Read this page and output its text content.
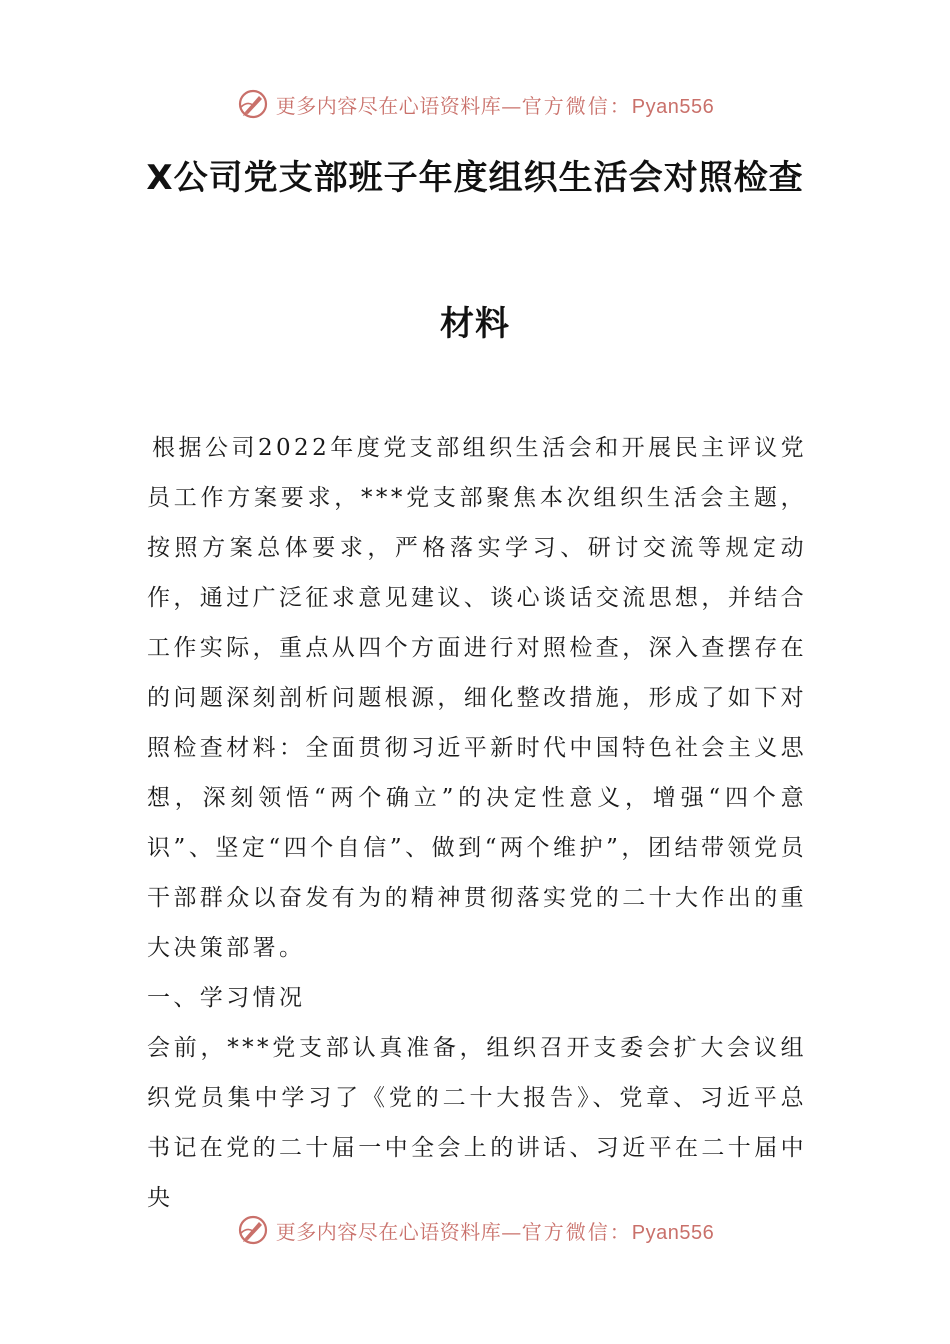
更多内容尽在心语资料库—官方微信：Pyan556
X公司党支部班子年度组织生活会对照检查
材料
根据公司2022年度党支部组织生活会和开展民主评议党员工作方案要求，***党支部聚焦本次组织生活会主题，按照方案总体要求，严格落实学习、研讨交流等规定动作，通过广泛征求意见建议、谈心谈话交流思想，并结合工作实际，重点从四个方面进行对照检查，深入查摆存在的问题深刻剖析问题根源，细化整改措施，形成了如下对照检查材料：全面贯彻习近平新时代中国特色社会主义思想，深刻领悟“两个确立”的决定性意义，增强“四个意识”、坚定“四个自信”、做到“两个维护”，团结带领党员干部群众以奋发有为的精神贯彻落实党的二十大作出的重大决策部署。
一、学习情况
会前，***党支部认真准备，组织召开支委会扩大会议组织党员集中学习了《党的二十大报告》、党章、习近平总书记在党的二十届一中全会上的讲话、习近平在二十届中央
更多内容尽在心语资料库—官方微信：Pyan556
